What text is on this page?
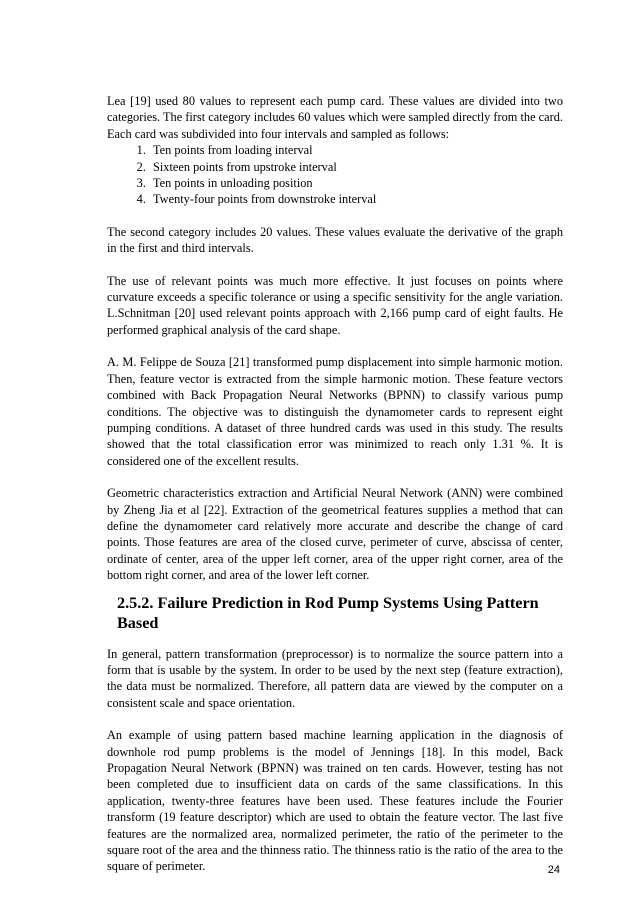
Lea [19] used 80 values to represent each pump card. These values are divided into two categories. The first category includes 60 values which were sampled directly from the card. Each card was subdivided into four intervals and sampled as follows:

1. Ten points from loading interval
2. Sixteen points from upstroke interval
3. Ten points in unloading position
4. Twenty-four points from downstroke interval

The second category includes 20 values. These values evaluate the derivative of the graph in the first and third intervals.

The use of relevant points was much more effective. It just focuses on points where curvature exceeds a specific tolerance or using a specific sensitivity for the angle variation. L.Schnitman [20] used relevant points approach with 2,166 pump card of eight faults. He performed graphical analysis of the card shape.

A. M. Felippe de Souza [21] transformed pump displacement into simple harmonic motion. Then, feature vector is extracted from the simple harmonic motion. These feature vectors combined with Back Propagation Neural Networks (BPNN) to classify various pump conditions. The objective was to distinguish the dynamometer cards to represent eight pumping conditions. A dataset of three hundred cards was used in this study. The results showed that the total classification error was minimized to reach only 1.31 %. It is considered one of the excellent results.

Geometric characteristics extraction and Artificial Neural Network (ANN) were combined by Zheng Jia et al [22]. Extraction of the geometrical features supplies a method that can define the dynamometer card relatively more accurate and describe the change of card points. Those features are area of the closed curve, perimeter of curve, abscissa of center, ordinate of center, area of the upper left corner, area of the upper right corner, area of the bottom right corner, and area of the lower left corner.

2.5.2. Failure Prediction in Rod Pump Systems Using Pattern Based

In general, pattern transformation (preprocessor) is to normalize the source pattern into a form that is usable by the system. In order to be used by the next step (feature extraction), the data must be normalized. Therefore, all pattern data are viewed by the computer on a consistent scale and space orientation.

An example of using pattern based machine learning application in the diagnosis of downhole rod pump problems is the model of Jennings [18]. In this model, Back Propagation Neural Network (BPNN) was trained on ten cards. However, testing has not been completed due to insufficient data on cards of the same classifications. In this application, twenty-three features have been used. These features include the Fourier transform (19 feature descriptor) which are used to obtain the feature vector. The last five features are the normalized area, normalized perimeter, the ratio of the perimeter to the square root of the area and the thinness ratio. The thinness ratio is the ratio of the area to the square of perimeter.	24
